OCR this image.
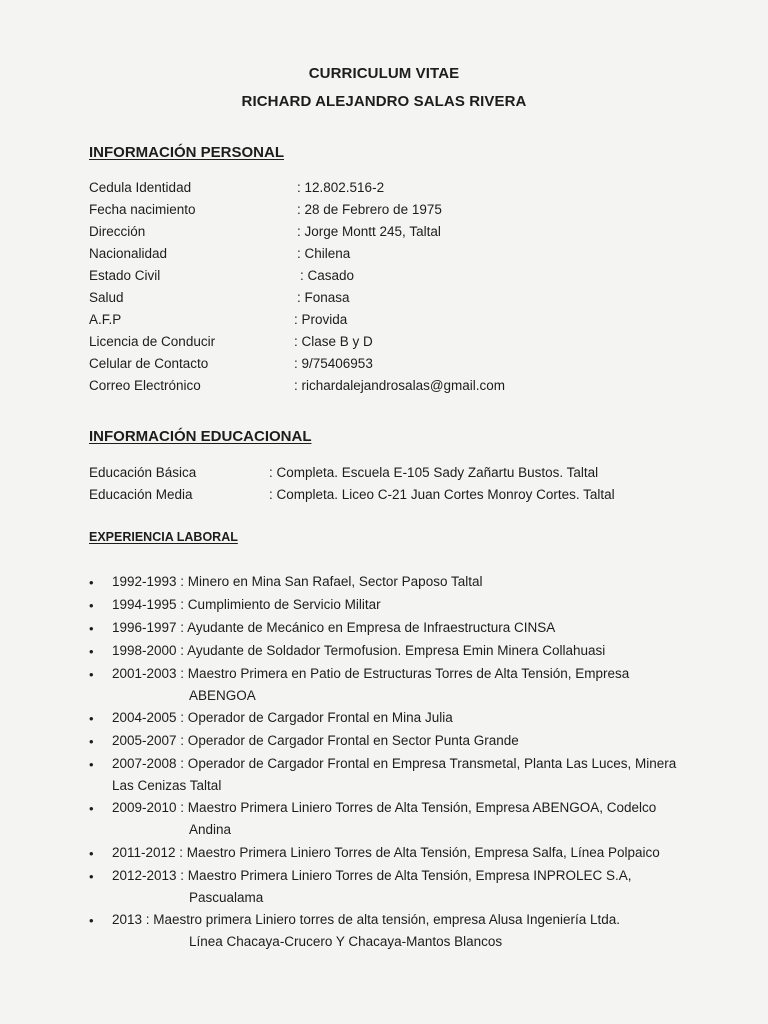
CURRICULUM VITAE
RICHARD ALEJANDRO SALAS RIVERA
INFORMACIÓN PERSONAL
Cedula Identidad	: 12.802.516-2
Fecha nacimiento	: 28 de Febrero de 1975
Dirección	: Jorge Montt 245, Taltal
Nacionalidad	: Chilena
Estado Civil	: Casado
Salud	: Fonasa
A.F.P	: Provida
Licencia de Conducir	: Clase B y D
Celular de Contacto	: 9/75406953
Correo Electrónico	: richardalejandrosalas@gmail.com
INFORMACIÓN EDUCACIONAL
Educación Básica	: Completa. Escuela E-105 Sady Zañartu Bustos. Taltal
Educación Media	: Completa. Liceo C-21 Juan Cortes Monroy Cortes. Taltal
EXPERIENCIA LABORAL
• 1992-1993 : Minero en Mina San Rafael, Sector Paposo Taltal
• 1994-1995 : Cumplimiento de Servicio Militar
• 1996-1997 : Ayudante de Mecánico en Empresa de Infraestructura CINSA
• 1998-2000 : Ayudante de Soldador Termofusion. Empresa Emin Minera Collahuasi
• 2001-2003 : Maestro Primera en Patio de Estructuras Torres de Alta Tensión, Empresa
ABENGOA
• 2004-2005 : Operador de Cargador Frontal en Mina Julia
• 2005-2007 : Operador de Cargador Frontal en Sector Punta Grande
• 2007-2008 : Operador de Cargador Frontal en Empresa Transmetal, Planta Las Luces, Minera
Las Cenizas Taltal
• 2009-2010 : Maestro Primera Liniero Torres de Alta Tensión, Empresa ABENGOA, Codelco
Andina
• 2011-2012 : Maestro Primera Liniero Torres de Alta Tensión, Empresa Salfa, Línea Polpaico
• 2012-2013 : Maestro Primera Liniero Torres de Alta Tensión, Empresa INPROLEC S.A,
Pascualama
• 2013 : Maestro primera Liniero torres de alta tensión, empresa Alusa Ingeniería Ltda.
Línea Chacaya-Crucero Y Chacaya-Mantos Blancos
